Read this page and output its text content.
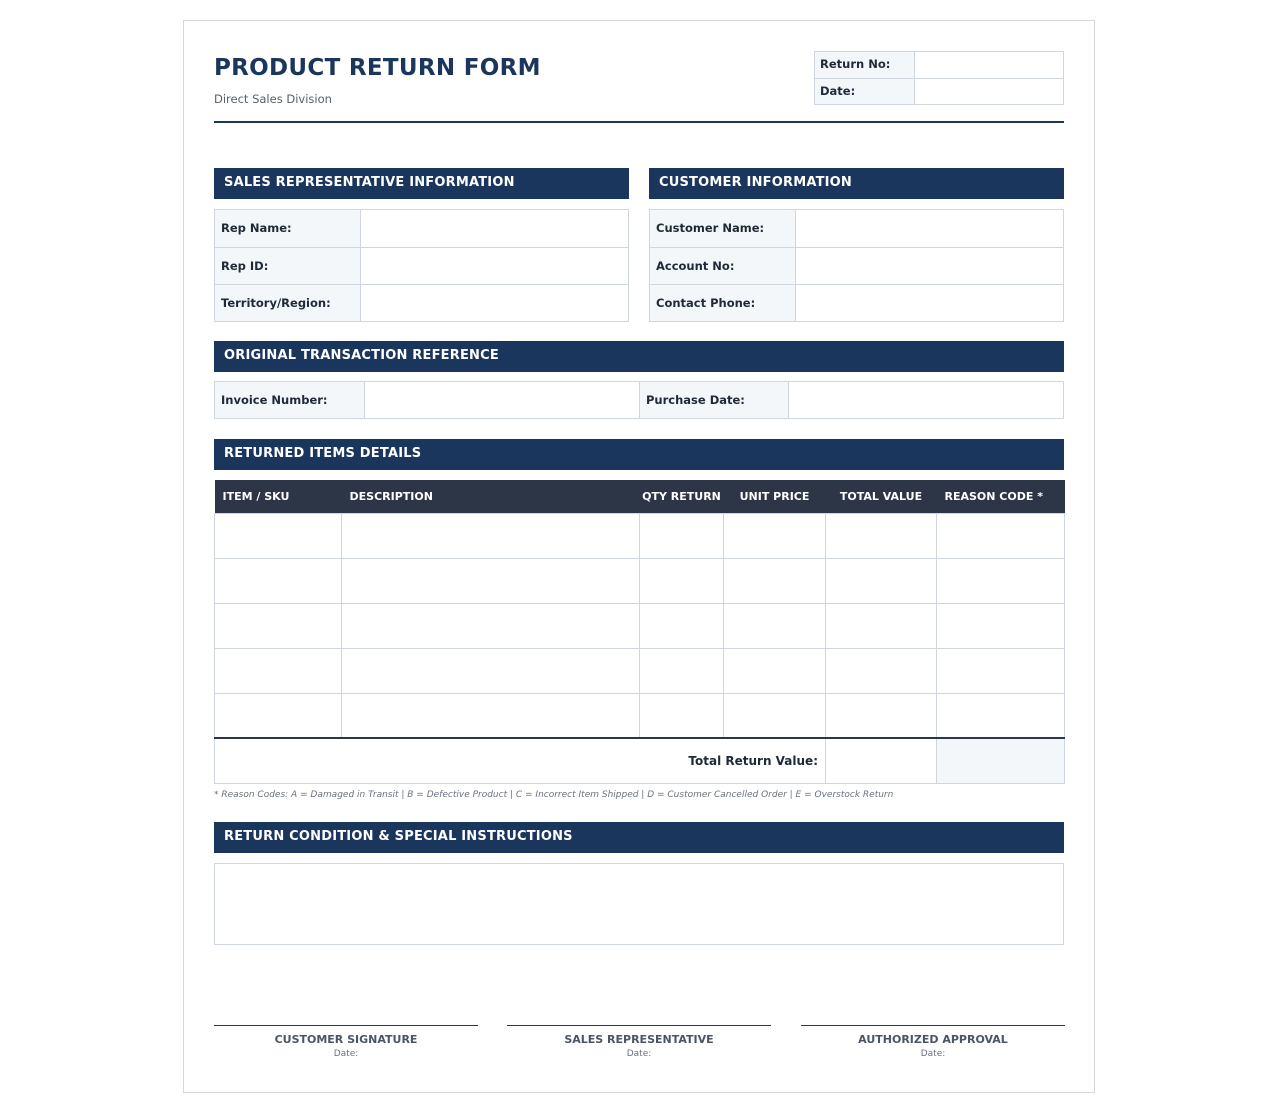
PRODUCT RETURN FORM
Direct Sales Division
Return No:
Date:
SALES REPRESENTATIVE INFORMATION
Rep Name:
Rep ID:
Territory/Region:
CUSTOMER INFORMATION
Customer Name:
Account No:
Contact Phone:
ORIGINAL TRANSACTION REFERENCE
Invoice Number:	Purchase Date:
RETURNED ITEMS DETAILS
ITEM / SKU	DESCRIPTION	QTY RETURN	UNIT PRICE	TOTAL VALUE	REASON CODE *

Total Return Value:					
* Reason Codes: A = Damaged in Transit | B = Defective Product | C = Incorrect Item Shipped | D = Customer Cancelled Order | E = Overstock Return
RETURN CONDITION & SPECIAL INSTRUCTIONS
CUSTOMER SIGNATURE
Date:
SALES REPRESENTATIVE
Date:
AUTHORIZED APPROVAL
Date:
